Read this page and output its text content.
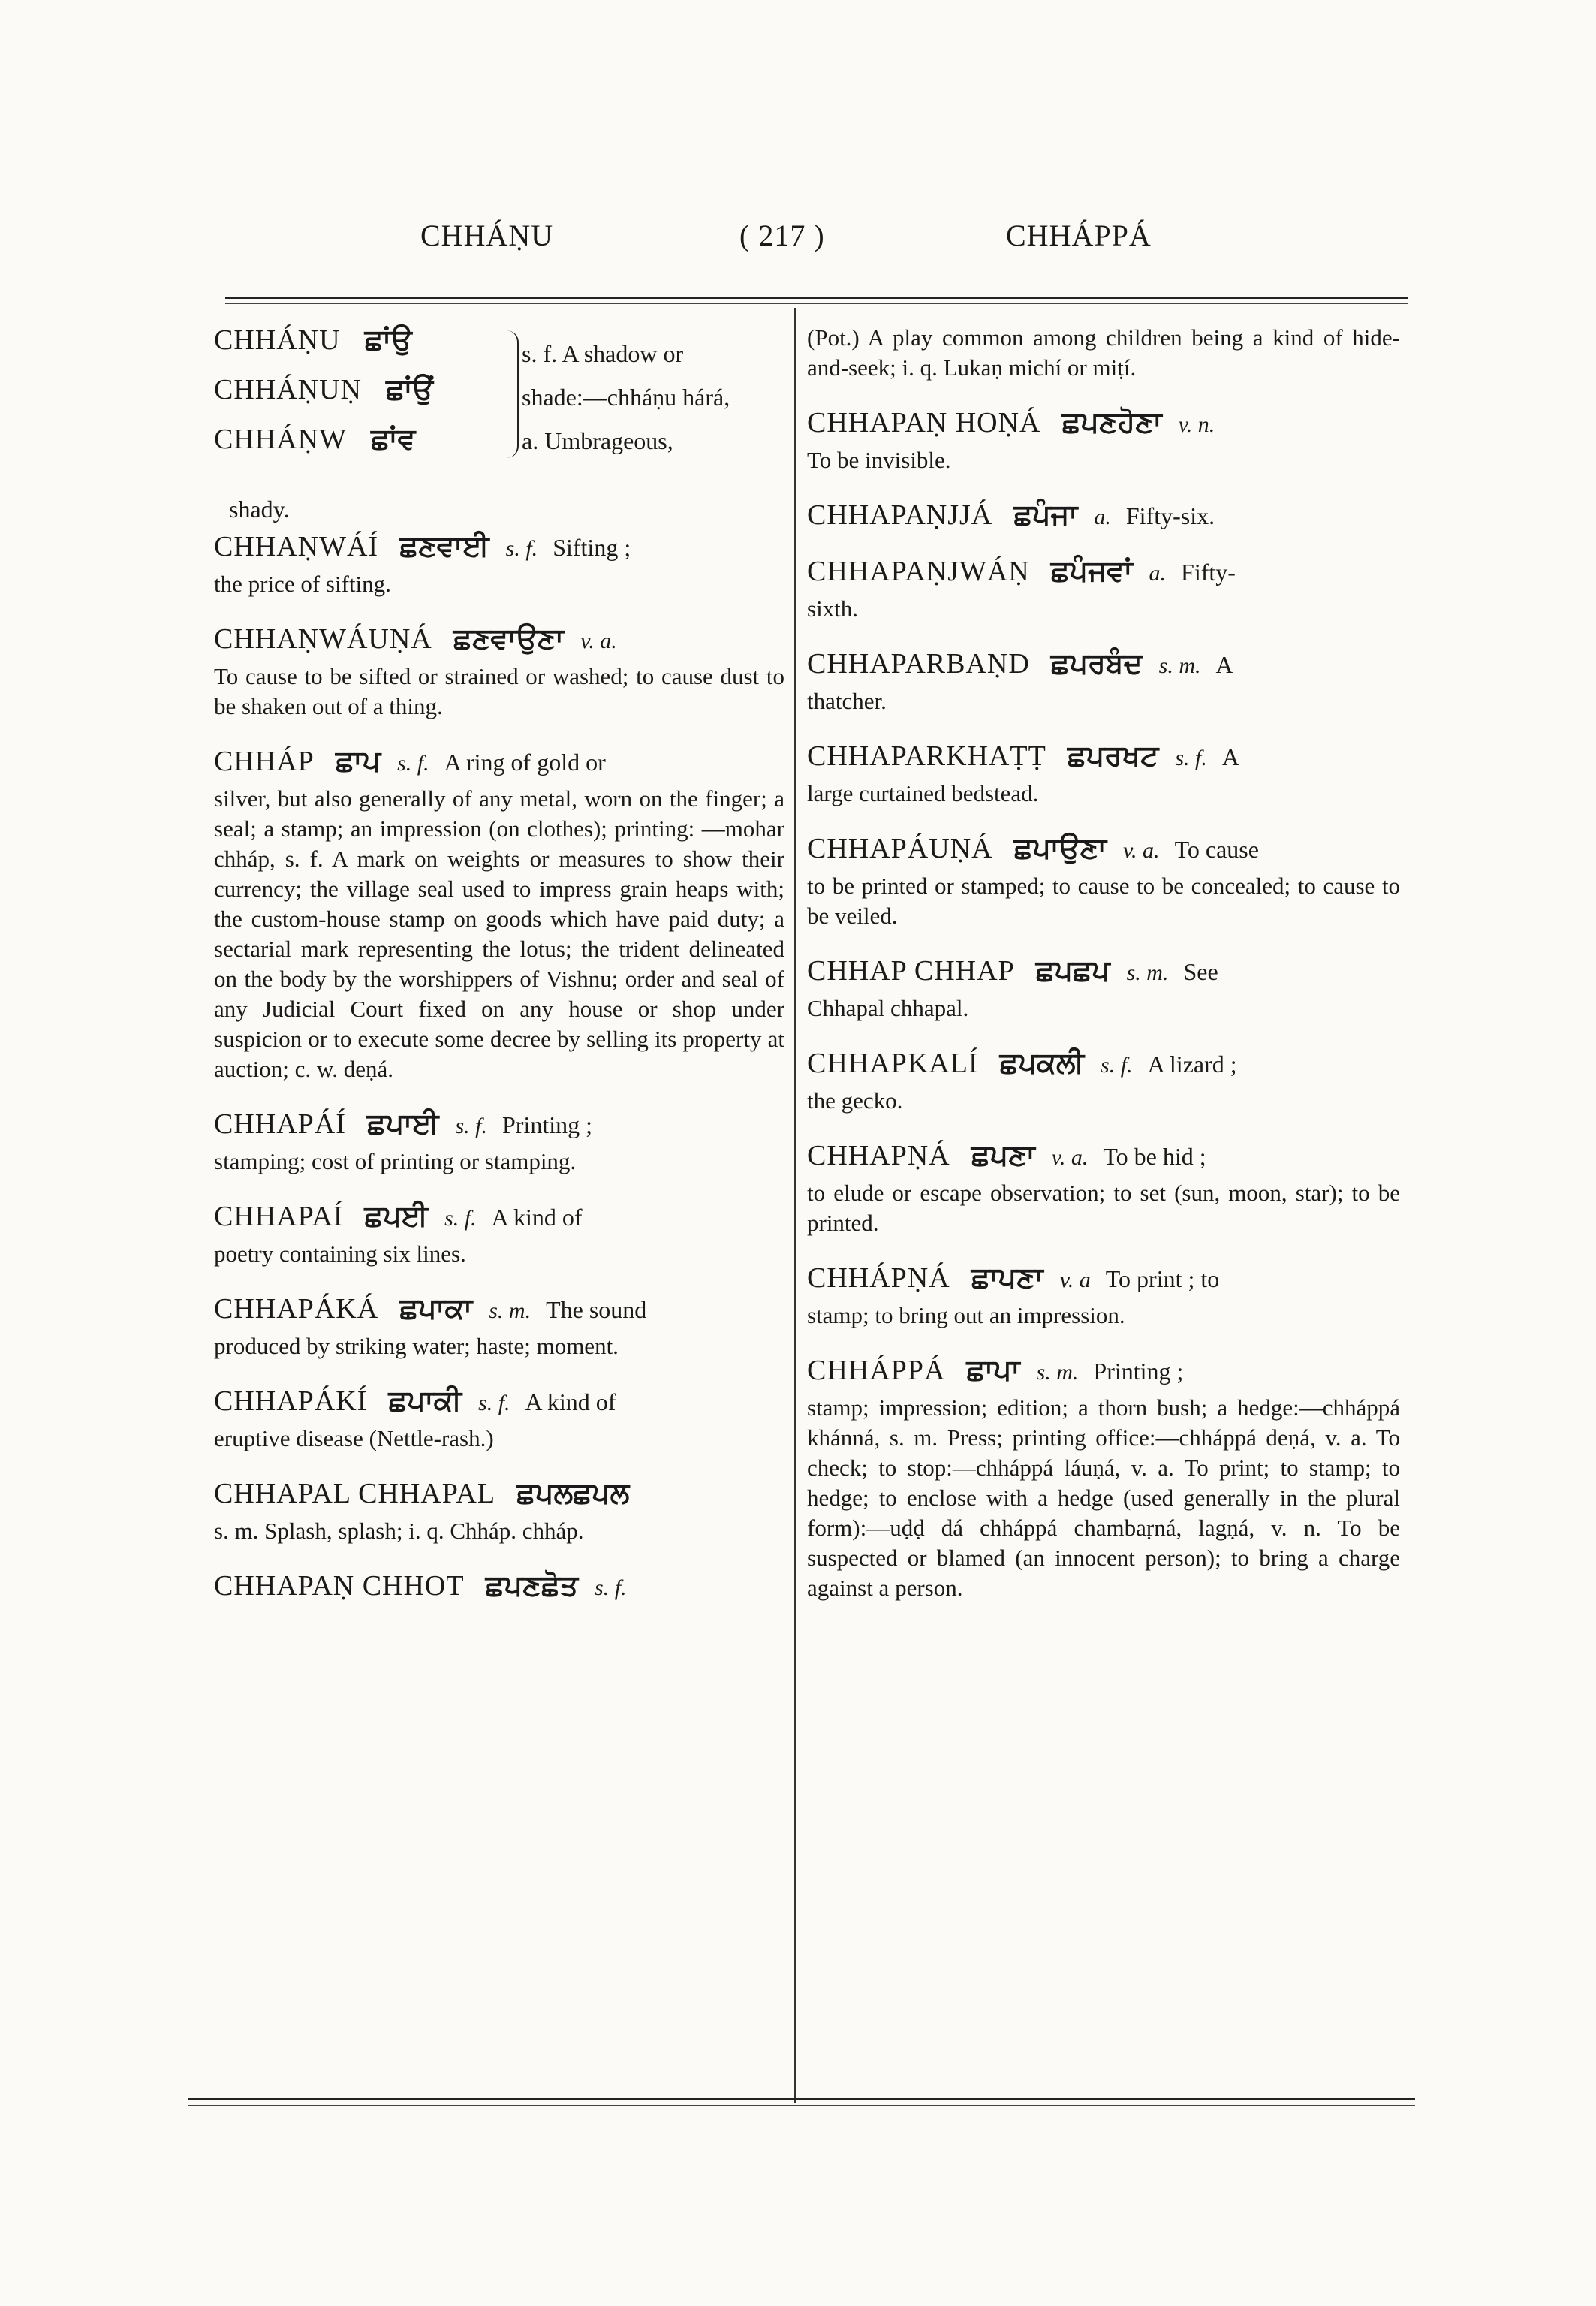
CHHÁṆU	( 217 )	CHHÁPPÁ
CHHÁṆU ਛਾਂਉ
CHHÁṆUṆ ਛਾਂਉਂ
CHHÁṆW ਛਾਂਵ
s. f. A shadow or
shade:—chháṇu hárá,
a. Umbrageous,
shady.
CHHAṆWÁÍ ਛਣਵਾਈ s. f. Sifting ;
the price of sifting.
CHHAṆWÁUṆÁ ਛਣਵਾਉਣਾ v. a.
To cause to be sifted or strained or washed; to cause dust to be shaken out of a thing.
CHHÁP ਛਾਪ s. f. A ring of gold or
silver, but also generally of any metal, worn on the finger; a seal; a stamp; an impression (on clothes); printing: —mohar chháp, s. f. A mark on weights or measures to show their currency; the village seal used to impress grain heaps with; the custom-house stamp on goods which have paid duty; a sectarial mark representing the lotus; the trident delineated on the body by the worshippers of Vishnu; order and seal of any Judicial Court fixed on any house or shop under suspicion or to execute some decree by selling its property at auction; c. w. deṇá.
CHHAPÁÍ ਛਪਾਈ s. f. Printing ;
stamping; cost of printing or stamping.
CHHAPAÍ ਛਪਈ s. f. A kind of
poetry containing six lines.
CHHAPÁKÁ ਛਪਾਕਾ s. m. The sound
produced by striking water; haste; moment.
CHHAPÁKÍ ਛਪਾਕੀ s. f. A kind of
eruptive disease (Nettle-rash.)
CHHAPAL CHHAPAL ਛਪਲਛਪਲ
s. m. Splash, splash; i. q. Chháp. chháp.
CHHAPAṆ CHHOT ਛਪਣਛੋਤ s. f.
(Pot.) A play common among children being a kind of hide-and-seek; i. q. Lukaṇ michí or miṭí.
CHHAPAṆ HOṆÁ ਛਪਣਹੋਣਾ v. n.
To be invisible.
CHHAPAṆJJÁ ਛਪੰਜਾ a. Fifty-six.
CHHAPAṆJWÁṆ ਛਪੰਜਵਾਂ a. Fifty-
sixth.
CHHAPARBAṆD ਛਪਰਬੰਦ s. m. A
thatcher.
CHHAPARKHAṬṬ ਛਪਰਖਟ s. f. A
large curtained bedstead.
CHHAPÁUṆÁ ਛਪਾਉਣਾ v. a. To cause
to be printed or stamped; to cause to be concealed; to cause to be veiled.
CHHAP CHHAP ਛਪਛਪ s. m. See
Chhapal chhapal.
CHHAPKALÍ ਛਪਕਲੀ s. f. A lizard ;
the gecko.
CHHAPṆÁ ਛਪਣਾ v. a. To be hid ;
to elude or escape observation; to set (sun, moon, star); to be printed.
CHHÁPṆÁ ਛਾਪਣਾ v. a To print ; to
stamp; to bring out an impression.
CHHÁPPÁ ਛਾਪਾ s. m. Printing ;
stamp; impression; edition; a thorn bush; a hedge:—chháppá khánná, s. m. Press; printing office:—chháppá deṇá, v. a. To check; to stop:—chháppá láuṇá, v. a. To print; to stamp; to hedge; to enclose with a hedge (used generally in the plural form):—uḍḍ dá chháppá chambaṛná, lagṇá, v. n. To be suspected or blamed (an innocent person); to bring a charge against a person.
